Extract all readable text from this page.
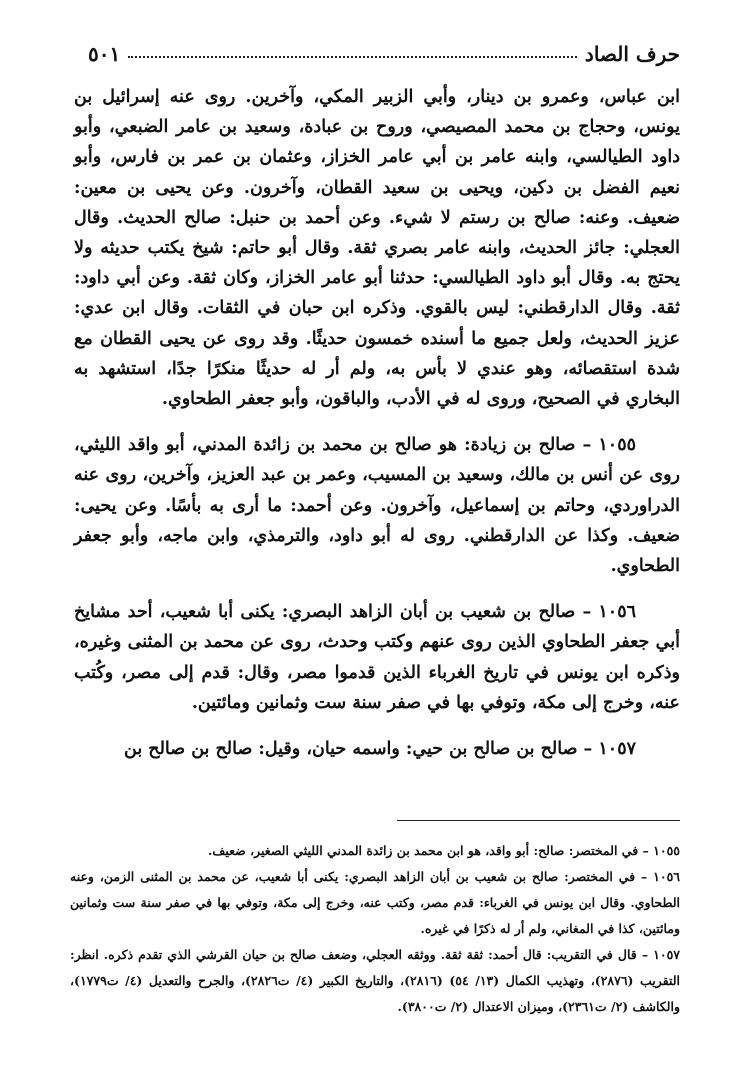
حرف الصاد
٥٠١

ابن عباس، وعمرو بن دينار، وأبي الزبير المكي، وآخرين. روى عنه إسرائيل بن يونس، وحجاج بن محمد المصيصي، وروح بن عبادة، وسعيد بن عامر الضبعي، وأبو داود الطيالسي، وابنه عامر بن أبي عامر الخزاز، وعثمان بن عمر بن فارس، وأبو نعيم الفضل بن دكين، ويحيى بن سعيد القطان، وآخرون. وعن يحيى بن معين: ضعيف. وعنه: صالح بن رستم لا شيء. وعن أحمد بن حنبل: صالح الحديث. وقال العجلي: جائز الحديث، وابنه عامر بصري ثقة. وقال أبو حاتم: شيخ يكتب حديثه ولا يحتج به. وقال أبو داود الطيالسي: حدثنا أبو عامر الخزاز، وكان ثقة. وعن أبي داود: ثقة. وقال الدارقطني: ليس بالقوي. وذكره ابن حبان في الثقات. وقال ابن عدي: عزيز الحديث، ولعل جميع ما أسنده خمسون حديثًا. وقد روى عن يحيى القطان مع شدة استقصائه، وهو عندي لا بأس به، ولم أر له حديثًا منكرًا جدًا، استشهد به البخاري في الصحيح، وروى له في الأدب، والباقون، وأبو جعفر الطحاوي.

١٠٥٥ – صالح بن زيادة: هو صالح بن محمد بن زائدة المدني، أبو واقد الليثي، روى عن أنس بن مالك، وسعيد بن المسيب، وعمر بن عبد العزيز، وآخرين، روى عنه الدراوردي، وحاتم بن إسماعيل، وآخرون. وعن أحمد: ما أرى به بأسًا. وعن يحيى: ضعيف. وكذا عن الدارقطني. روى له أبو داود، والترمذي، وابن ماجه، وأبو جعفر الطحاوي.

١٠٥٦ – صالح بن شعيب بن أبان الزاهد البصري: يكنى أبا شعيب، أحد مشايخ أبي جعفر الطحاوي الذين روى عنهم وكتب وحدث، روى عن محمد بن المثنى وغيره، وذكره ابن يونس في تاريخ الغرباء الذين قدموا مصر، وقال: قدم إلى مصر، وكُتب عنه، وخرج إلى مكة، وتوفي بها في صفر سنة ست وثمانين ومائتين.

١٠٥٧ – صالح بن صالح بن حيي: واسمه حيان، وقيل: صالح بن صالح بن

١٠٥٥ – في المختصر: صالح: أبو واقد، هو ابن محمد بن زائدة المدني الليثي الصغير، ضعيف.

١٠٥٦ – في المختصر: صالح بن شعيب بن أبان الزاهد البصري: يكنى أبا شعيب، عن محمد بن المثنى الزمن، وعنه الطحاوي. وقال ابن يونس في الغرباء: قدم مصر، وكتب عنه، وخرج إلى مكة، وتوفي بها في صفر سنة ست وثمانين ومائتين، كذا في المغاني، ولم أر له ذكرًا في غيره.

١٠٥٧ – قال في التقريب: قال أحمد: ثقة ثقة. ووثقه العجلي، وضعف صالح بن حيان القرشي الذي تقدم ذكره. انظر: التقريب (٢٨٧٦)، وتهذيب الكمال (١٣/ ٥٤) (٢٨١٦)، والتاريخ الكبير (٤/ ت٢٨٢٦)، والجرح والتعديل (٤/ ت١٧٧٩)، والكاشف (٢/ ت٢٣٦١)، وميزان الاعتدال (٢/ ت٣٨٠٠).
